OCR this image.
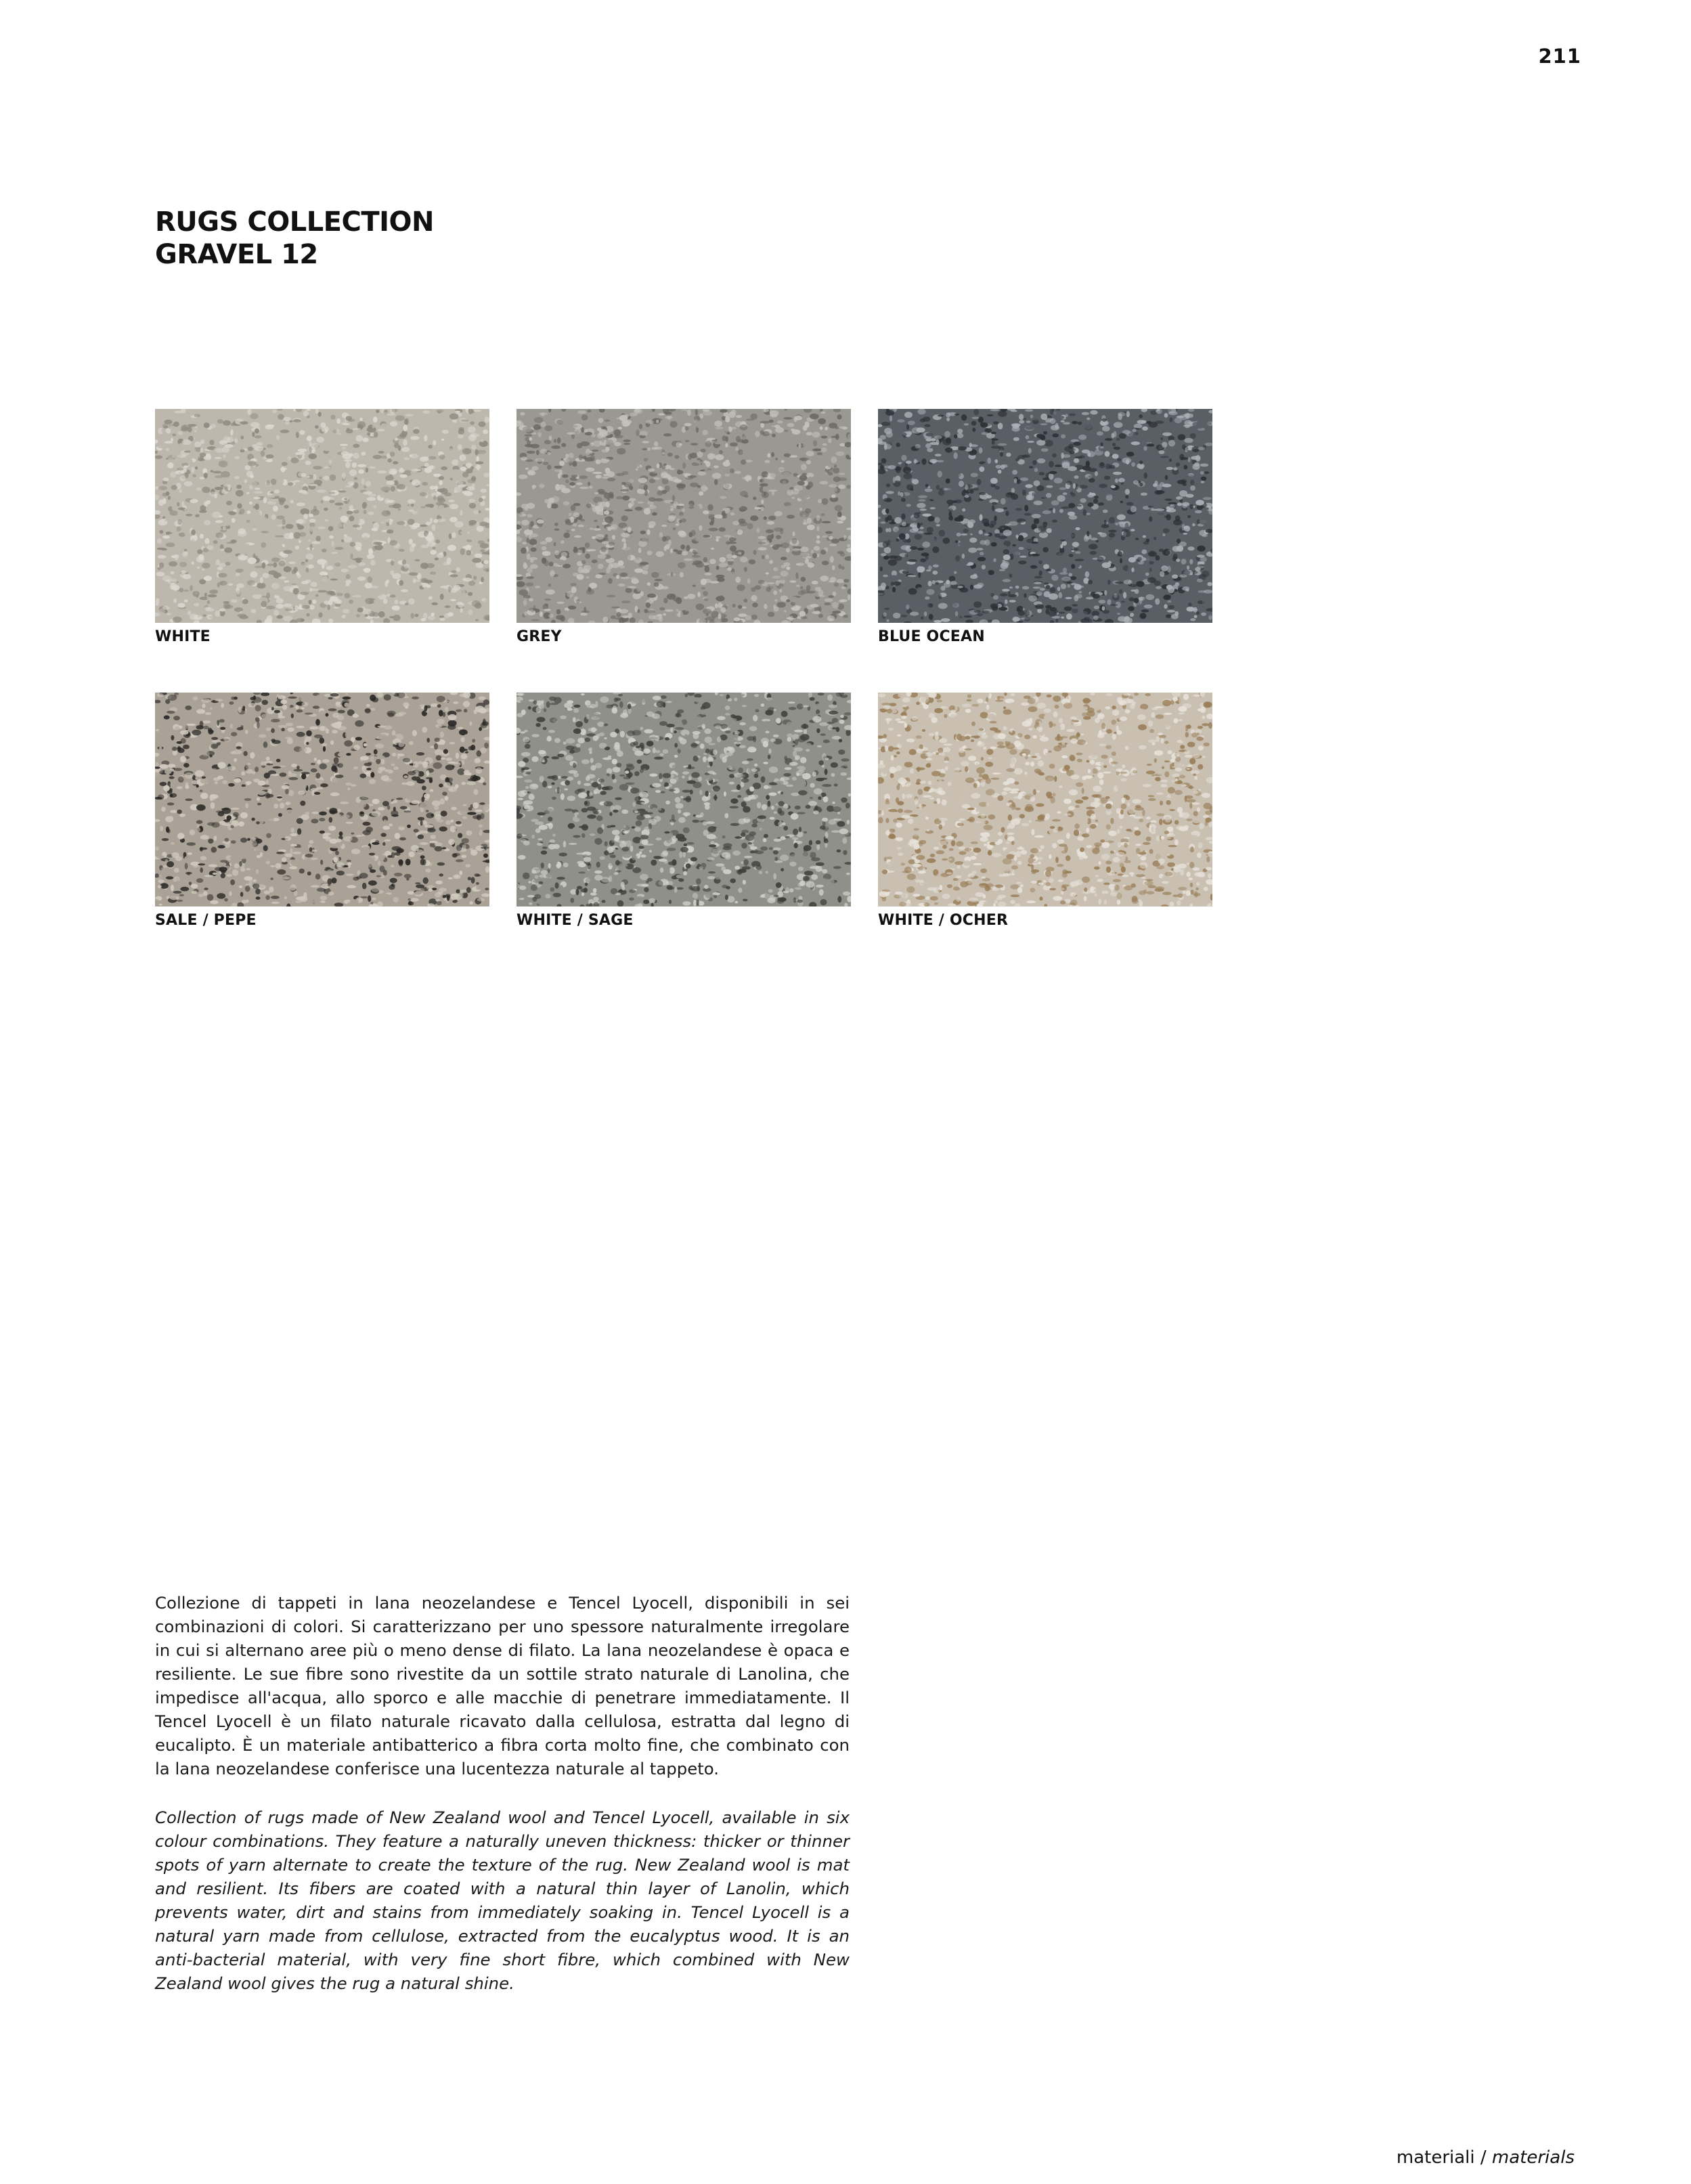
211
RUGS COLLECTION
GRAVEL 12
WHITE	GREY	BLUE OCEAN
SALE / PEPE	WHITE / SAGE	WHITE / OCHER
Collezione di tappeti in lana neozelandese e Tencel Lyocell, disponibili in sei combinazioni di colori. Si caratterizzano per uno spessore naturalmente irregolare in cui si alternano aree più o meno dense di filato. La lana neozelandese è opaca e resiliente. Le sue fibre sono rivestite da un sottile strato naturale di Lanolina, che impedisce all'acqua, allo sporco e alle macchie di penetrare immediatamente. Il Tencel Lyocell è un filato naturale ricavato dalla cellulosa, estratta dal legno di eucalipto. È un materiale antibatterico a fibra corta molto fine, che combinato con la lana neozelandese conferisce una lucentezza naturale al tappeto.
Collection of rugs made of New Zealand wool and Tencel Lyocell, available in six colour combinations. They feature a naturally uneven thickness: thicker or thinner spots of yarn alternate to create the texture of the rug. New Zealand wool is mat and resilient. Its fibers are coated with a natural thin layer of Lanolin, which prevents water, dirt and stains from immediately soaking in. Tencel Lyocell is a natural yarn made from cellulose, extracted from the eucalyptus wood. It is an anti-bacterial material, with very fine short fibre, which combined with New Zealand wool gives the rug a natural shine.
materiali / materials
